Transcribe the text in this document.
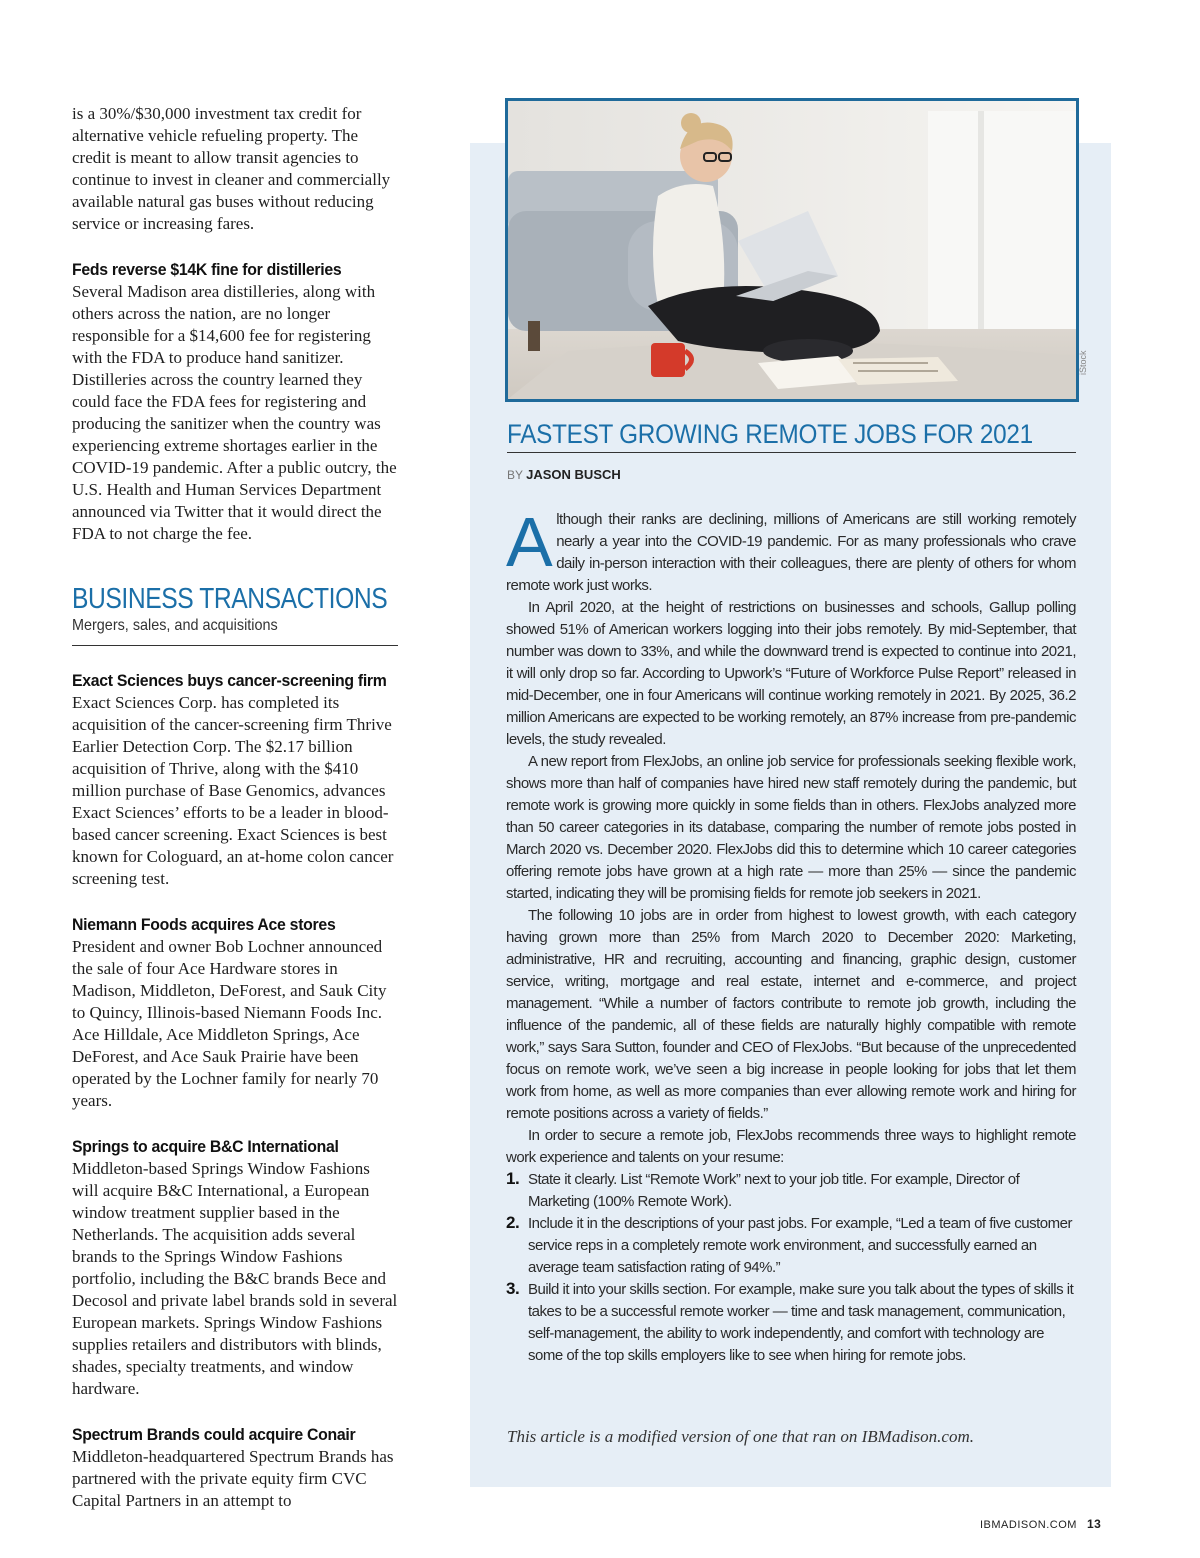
is a 30%/$30,000 investment tax credit for alternative vehicle refueling property. The credit is meant to allow transit agencies to continue to invest in cleaner and commercially available natural gas buses without reducing service or increasing fares.

Feds reverse $14K fine for distilleries

Several Madison area distilleries, along with others across the nation, are no longer responsible for a $14,600 fee for registering with the FDA to produce hand sanitizer. Distilleries across the country learned they could face the FDA fees for registering and producing the sanitizer when the country was experiencing extreme shortages earlier in the COVID-19 pandemic. After a public outcry, the U.S. Health and Human Services Department announced via Twitter that it would direct the FDA to not charge the fee.

BUSINESS TRANSACTIONS
Mergers, sales, and acquisitions
Exact Sciences buys cancer-screening firm

Exact Sciences Corp. has completed its acquisition of the cancer-screening firm Thrive Earlier Detection Corp. The $2.17 billion acquisition of Thrive, along with the $410 million purchase of Base Genomics, advances Exact Sciences’ efforts to be a leader in blood-based cancer screening. Exact Sciences is best known for Cologuard, an at-home colon cancer screening test.

Niemann Foods acquires Ace stores

President and owner Bob Lochner announced the sale of four Ace Hardware stores in Madison, Middleton, DeForest, and Sauk City to Quincy, Illinois-based Niemann Foods Inc. Ace Hilldale, Ace Middleton Springs, Ace DeForest, and Ace Sauk Prairie have been operated by the Lochner family for nearly 70 years.

Springs to acquire B&C International

Middleton-based Springs Window Fashions will acquire B&C International, a European window treatment supplier based in the Netherlands. The acquisition adds several brands to the Springs Window Fashions portfolio, including the B&C brands Bece and Decosol and private label brands sold in several European markets. Springs Window Fashions supplies retailers and distributors with blinds, shades, specialty treatments, and window hardware.

Spectrum Brands could acquire Conair

Middleton-headquartered Spectrum Brands has partnered with the private equity firm CVC Capital Partners in an attempt to

iStock
FASTEST GROWING REMOTE JOBS FOR 2021
BY JASON BUSCH

Although their ranks are declining, millions of Americans are still working remotely nearly a year into the COVID-19 pandemic. For as many professionals who crave daily in-person interaction with their colleagues, there are plenty of others for whom remote work just works.

In April 2020, at the height of restrictions on businesses and schools, Gallup polling showed 51% of American workers logging into their jobs remotely. By mid-September, that number was down to 33%, and while the downward trend is expected to continue into 2021, it will only drop so far. According to Upwork’s “Future of Workforce Pulse Report” released in mid-December, one in four Americans will continue working remotely in 2021. By 2025, 36.2 million Americans are expected to be working remotely, an 87% increase from pre-pandemic levels, the study revealed.

A new report from FlexJobs, an online job service for professionals seeking flexible work, shows more than half of companies have hired new staff remotely during the pandemic, but remote work is growing more quickly in some fields than in others. FlexJobs analyzed more than 50 career categories in its database, comparing the number of remote jobs posted in March 2020 vs. December 2020. FlexJobs did this to determine which 10 career categories offering remote jobs have grown at a high rate — more than 25% — since the pandemic started, indicating they will be promising fields for remote job seekers in 2021.

The following 10 jobs are in order from highest to lowest growth, with each category having grown more than 25% from March 2020 to December 2020: Marketing, administrative, HR and recruiting, accounting and financing, graphic design, customer service, writing, mortgage and real estate, internet and e-commerce, and project management. “While a number of factors contribute to remote job growth, including the influence of the pandemic, all of these fields are naturally highly compatible with remote work,” says Sara Sutton, founder and CEO of FlexJobs. “But because of the unprecedented focus on remote work, we’ve seen a big increase in people looking for jobs that let them work from home, as well as more companies than ever allowing remote work and hiring for remote positions across a variety of fields.”

In order to secure a remote job, FlexJobs recommends three ways to highlight remote work experience and talents on your resume:

1. State it clearly. List “Remote Work” next to your job title. For example, Director of Marketing (100% Remote Work).
2. Include it in the descriptions of your past jobs. For example, “Led a team of five customer service reps in a completely remote work environment, and successfully earned an average team satisfaction rating of 94%.”
3. Build it into your skills section. For example, make sure you talk about the types of skills it takes to be a successful remote worker — time and task management, communication, self-management, the ability to work independently, and comfort with technology are some of the top skills employers like to see when hiring for remote jobs.
This article is a modified version of one that ran on IBMadison.com.
IBMADISON.COM 13
